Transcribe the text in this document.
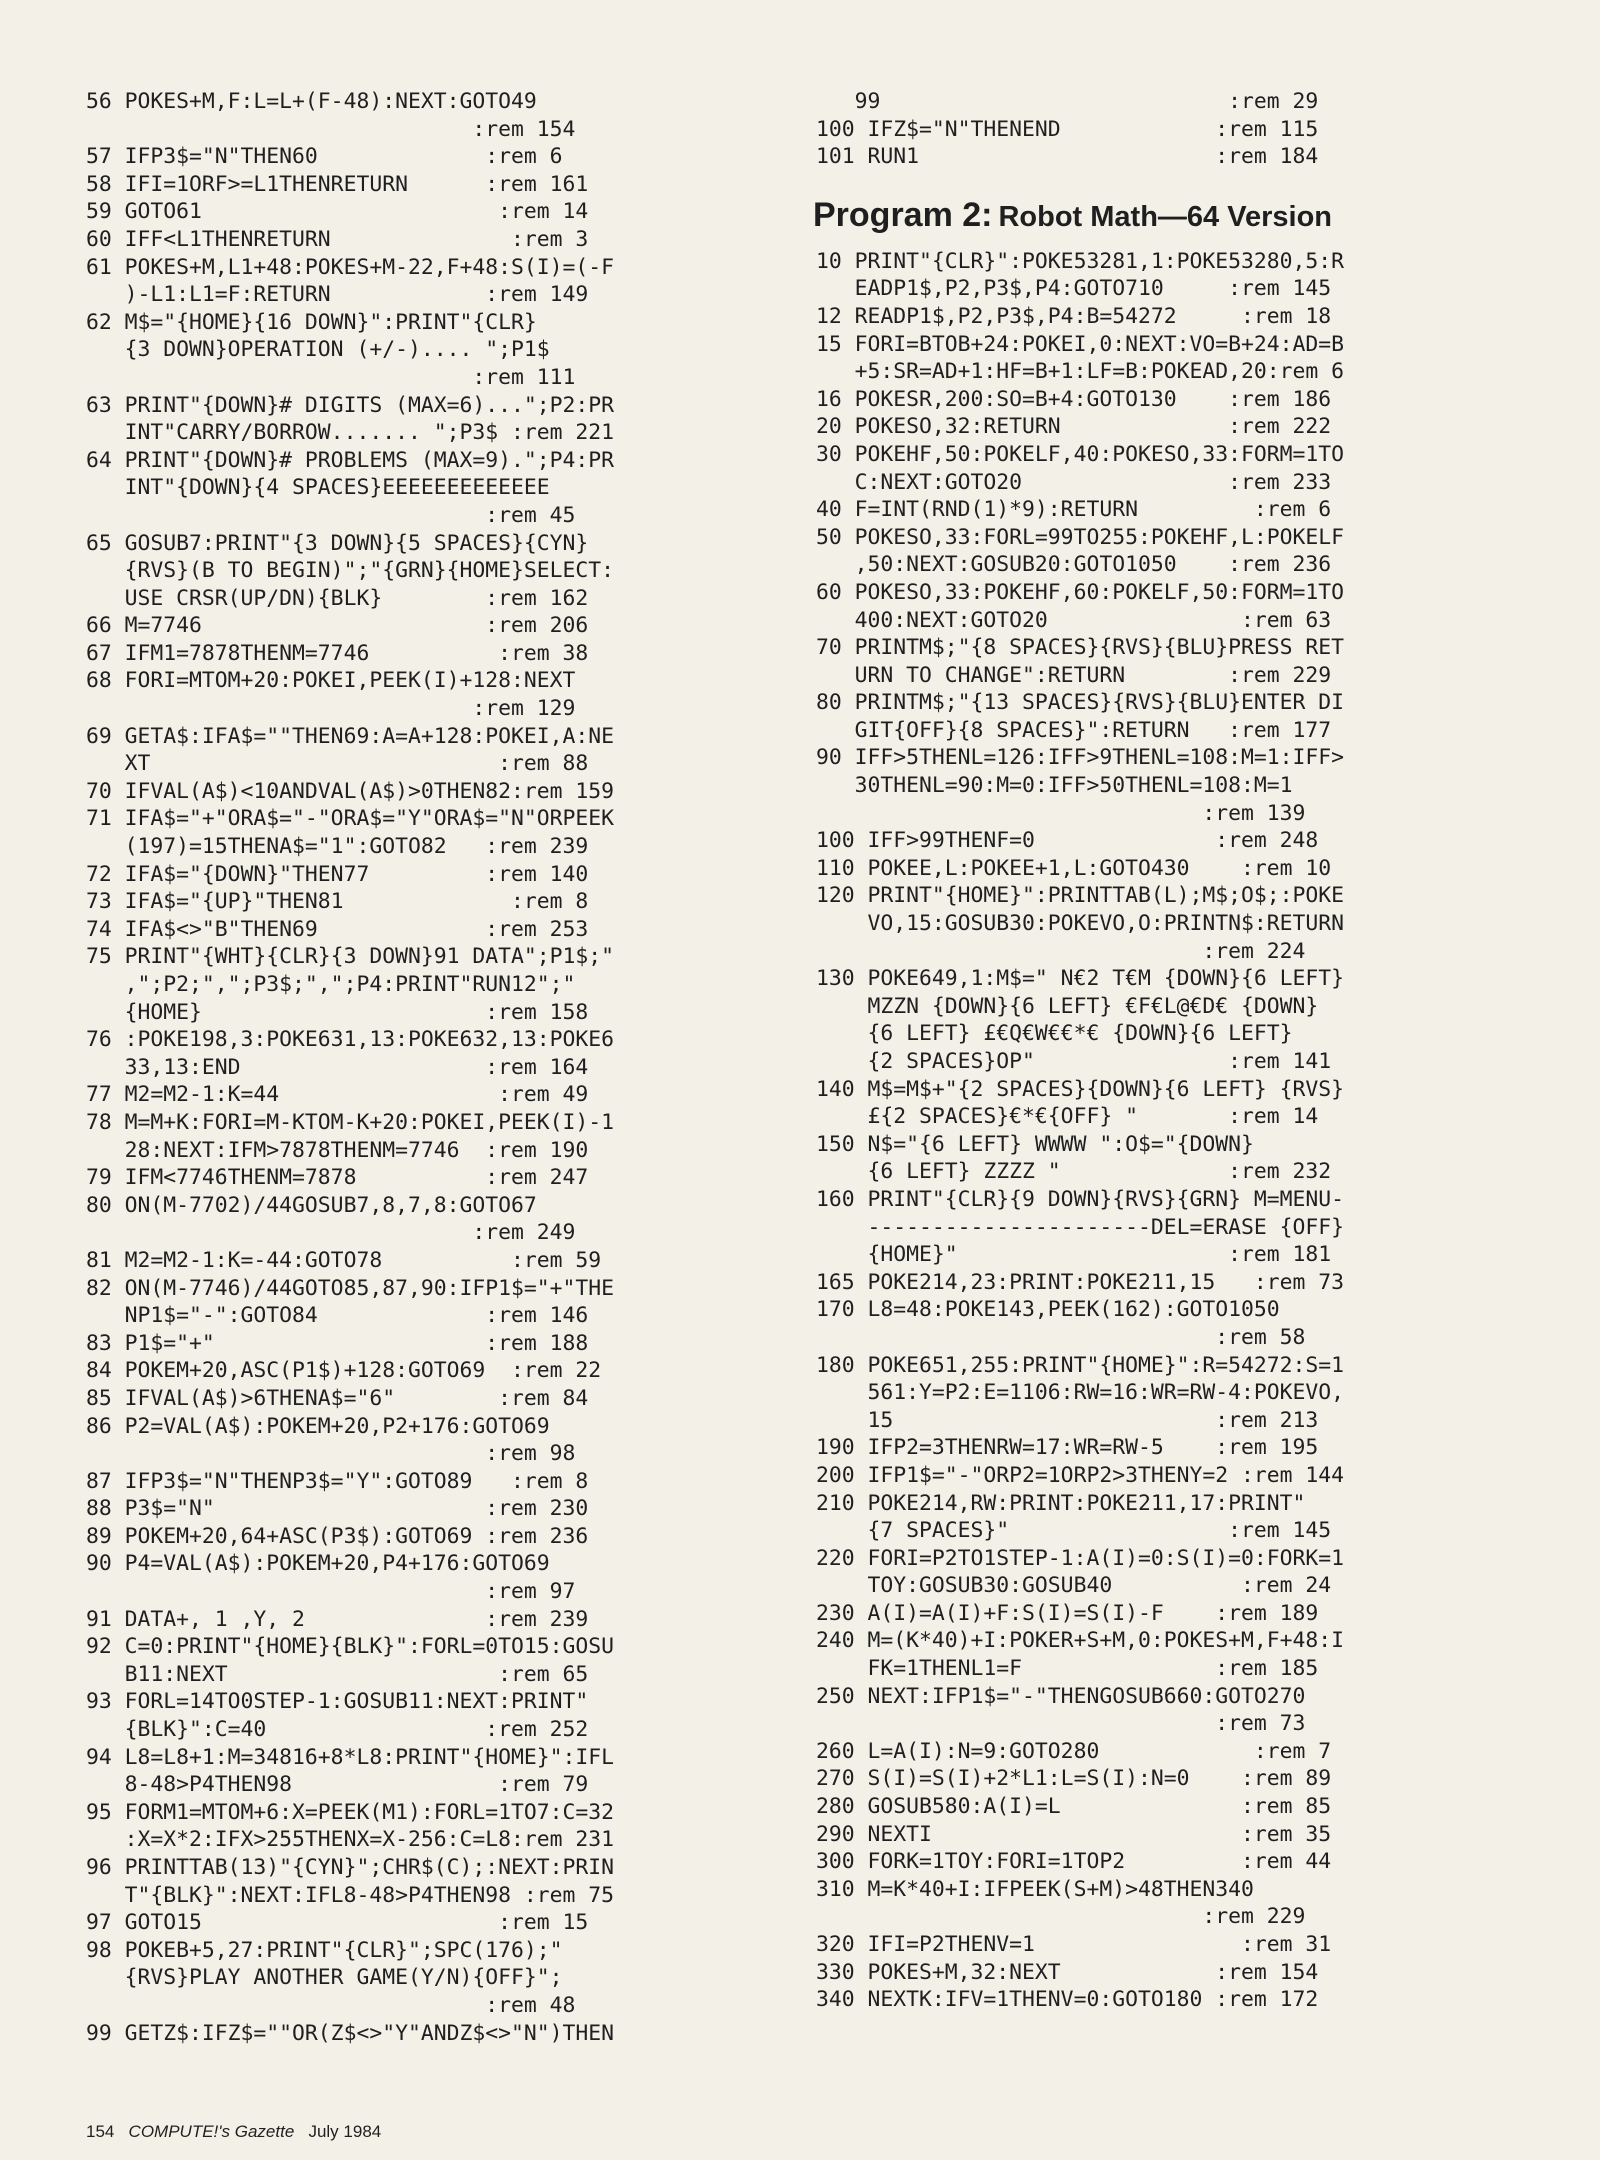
56 POKES+M,F:L=L+(F-48):NEXT:GOTO49
:rem 154
57 IFP3$="N"THEN60             :rem 6
58 IFI=1ORF>=L1THENRETURN      :rem 161
59 GOTO61                       :rem 14
60 IFF<L1THENRETURN              :rem 3
61 POKES+M,L1+48:POKES+M-22,F+48:S(I)=(-F
)-L1:L1=F:RETURN            :rem 149
62 M$="{HOME}{16 DOWN}":PRINT"{CLR}
{3 DOWN}OPERATION (+/-).... ";P1$
:rem 111
63 PRINT"{DOWN}# DIGITS (MAX=6)...";P2:PR
INT"CARRY/BORROW....... ";P3$ :rem 221
64 PRINT"{DOWN}# PROBLEMS (MAX=9).";P4:PR
INT"{DOWN}{4 SPACES}EEEEEEEEEEEEE
:rem 45
65 GOSUB7:PRINT"{3 DOWN}{5 SPACES}{CYN}
{RVS}(B TO BEGIN)";"{GRN}{HOME}SELECT:
USE CRSR(UP/DN){BLK}        :rem 162
66 M=7746                      :rem 206
67 IFM1=7878THENM=7746          :rem 38
68 FORI=MTOM+20:POKEI,PEEK(I)+128:NEXT
:rem 129
69 GETA$:IFA$=""THEN69:A=A+128:POKEI,A:NE
XT                           :rem 88
70 IFVAL(A$)<10ANDVAL(A$)>0THEN82:rem 159
71 IFA$="+"ORA$="-"ORA$="Y"ORA$="N"ORPEEK
(197)=15THENA$="1":GOTO82   :rem 239
72 IFA$="{DOWN}"THEN77         :rem 140
73 IFA$="{UP}"THEN81             :rem 8
74 IFA$<>"B"THEN69             :rem 253
75 PRINT"{WHT}{CLR}{3 DOWN}91 DATA";P1$;"
,";P2;",";P3$;",";P4:PRINT"RUN12";"
{HOME}                      :rem 158
76 :POKE198,3:POKE631,13:POKE632,13:POKE6
33,13:END                   :rem 164
77 M2=M2-1:K=44                 :rem 49
78 M=M+K:FORI=M-KTOM-K+20:POKEI,PEEK(I)-1
28:NEXT:IFM>7878THENM=7746  :rem 190
79 IFM<7746THENM=7878          :rem 247
80 ON(M-7702)/44GOSUB7,8,7,8:GOTO67
:rem 249
81 M2=M2-1:K=-44:GOTO78          :rem 59
82 ON(M-7746)/44GOTO85,87,90:IFP1$="+"THE
NP1$="-":GOTO84             :rem 146
83 P1$="+"                     :rem 188
84 POKEM+20,ASC(P1$)+128:GOTO69  :rem 22
85 IFVAL(A$)>6THENA$="6"        :rem 84
86 P2=VAL(A$):POKEM+20,P2+176:GOTO69
:rem 98
87 IFP3$="N"THENP3$="Y":GOTO89   :rem 8
88 P3$="N"                     :rem 230
89 POKEM+20,64+ASC(P3$):GOTO69 :rem 236
90 P4=VAL(A$):POKEM+20,P4+176:GOTO69
:rem 97
91 DATA+, 1 ,Y, 2              :rem 239
92 C=0:PRINT"{HOME}{BLK}":FORL=0TO15:GOSU
B11:NEXT                     :rem 65
93 FORL=14TO0STEP-1:GOSUB11:NEXT:PRINT"
{BLK}":C=40                 :rem 252
94 L8=L8+1:M=34816+8*L8:PRINT"{HOME}":IFL
8-48>P4THEN98                :rem 79
95 FORM1=MTOM+6:X=PEEK(M1):FORL=1TO7:C=32
:X=X*2:IFX>255THENX=X-256:C=L8:rem 231
96 PRINTTAB(13)"{CYN}";CHR$(C);:NEXT:PRIN
T"{BLK}":NEXT:IFL8-48>P4THEN98 :rem 75
97 GOTO15                       :rem 15
98 POKEB+5,27:PRINT"{CLR}";SPC(176);"
{RVS}PLAY ANOTHER GAME(Y/N){OFF}";
:rem 48
99 GETZ$:IFZ$=""OR(Z$<>"Y"ANDZ$<>"N")THEN
99                           :rem 29
100 IFZ$="N"THENEND            :rem 115
101 RUN1                       :rem 184
Program 2: Robot Math—64 Version
10 PRINT"{CLR}":POKE53281,1:POKE53280,5:R
EADP1$,P2,P3$,P4:GOTO710     :rem 145
12 READP1$,P2,P3$,P4:B=54272     :rem 18
15 FORI=BTOB+24:POKEI,0:NEXT:VO=B+24:AD=B
+5:SR=AD+1:HF=B+1:LF=B:POKEAD,20:rem 6
16 POKESR,200:SO=B+4:GOTO130    :rem 186
20 POKESO,32:RETURN             :rem 222
30 POKEHF,50:POKELF,40:POKESO,33:FORM=1TO
C:NEXT:GOTO20                :rem 233
40 F=INT(RND(1)*9):RETURN         :rem 6
50 POKESO,33:FORL=99TO255:POKEHF,L:POKELF
,50:NEXT:GOSUB20:GOTO1050    :rem 236
60 POKESO,33:POKEHF,60:POKELF,50:FORM=1TO
400:NEXT:GOTO20               :rem 63
70 PRINTM$;"{8 SPACES}{RVS}{BLU}PRESS RET
URN TO CHANGE":RETURN        :rem 229
80 PRINTM$;"{13 SPACES}{RVS}{BLU}ENTER DI
GIT{OFF}{8 SPACES}":RETURN   :rem 177
90 IFF>5THENL=126:IFF>9THENL=108:M=1:IFF>
30THENL=90:M=0:IFF>50THENL=108:M=1
:rem 139
100 IFF>99THENF=0              :rem 248
110 POKEE,L:POKEE+1,L:GOTO430    :rem 10
120 PRINT"{HOME}":PRINTTAB(L);M$;O$;:POKE
VO,15:GOSUB30:POKEVO,O:PRINTN$:RETURN
:rem 224
130 POKE649,1:M$=" N€2 T€M {DOWN}{6 LEFT}
MZZN {DOWN}{6 LEFT} €F€L@€D€ {DOWN}
{6 LEFT} £€Q€W€€*€ {DOWN}{6 LEFT}
{2 SPACES}OP"               :rem 141
140 M$=M$+"{2 SPACES}{DOWN}{6 LEFT} {RVS}
£{2 SPACES}€*€{OFF} "       :rem 14
150 N$="{6 LEFT} WWWW ":O$="{DOWN}
{6 LEFT} ZZZZ "             :rem 232
160 PRINT"{CLR}{9 DOWN}{RVS}{GRN} M=MENU-
----------------------DEL=ERASE {OFF}
{HOME}"                     :rem 181
165 POKE214,23:PRINT:POKE211,15   :rem 73
170 L8=48:POKE143,PEEK(162):GOTO1050
:rem 58
180 POKE651,255:PRINT"{HOME}":R=54272:S=1
561:Y=P2:E=1106:RW=16:WR=RW-4:POKEVO,
15                         :rem 213
190 IFP2=3THENRW=17:WR=RW-5    :rem 195
200 IFP1$="-"ORP2=1ORP2>3THENY=2 :rem 144
210 POKE214,RW:PRINT:POKE211,17:PRINT"
{7 SPACES}"                 :rem 145
220 FORI=P2TO1STEP-1:A(I)=0:S(I)=0:FORK=1
TOY:GOSUB30:GOSUB40          :rem 24
230 A(I)=A(I)+F:S(I)=S(I)-F    :rem 189
240 M=(K*40)+I:POKER+S+M,0:POKES+M,F+48:I
FK=1THENL1=F               :rem 185
250 NEXT:IFP1$="-"THENGOSUB660:GOTO270
:rem 73
260 L=A(I):N=9:GOTO280            :rem 7
270 S(I)=S(I)+2*L1:L=S(I):N=0    :rem 89
280 GOSUB580:A(I)=L              :rem 85
290 NEXTI                        :rem 35
300 FORK=1TOY:FORI=1TOP2         :rem 44
310 M=K*40+I:IFPEEK(S+M)>48THEN340
:rem 229
320 IFI=P2THENV=1                :rem 31
330 POKES+M,32:NEXT            :rem 154
340 NEXTK:IFV=1THENV=0:GOTO180 :rem 172
154 COMPUTE!'s Gazette July 1984
